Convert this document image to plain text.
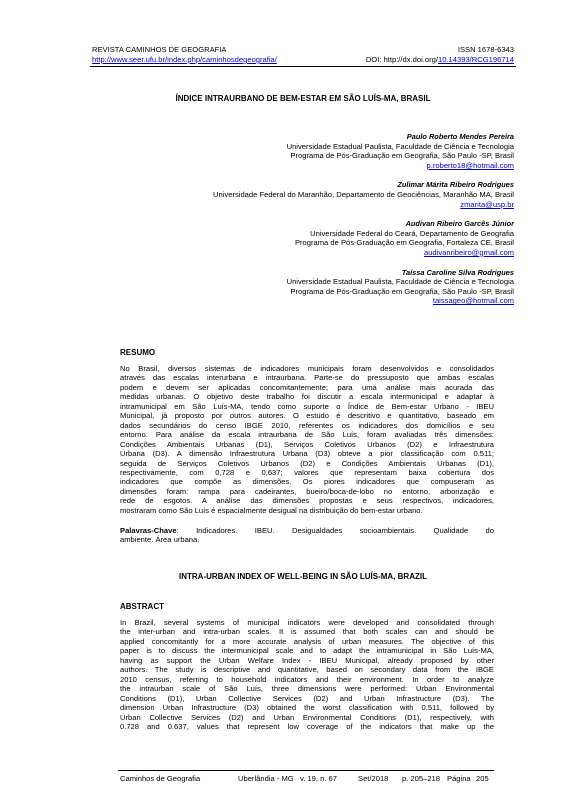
REVISTA CAMINHOS DE GEOGRAFIA	ISSN 1678-6343
http://www.seer.ufu.br/index.php/caminhosdegeografia/	DOI: http://dx.doi.org/10.14393/RCG196714
ÍNDICE INTRAURBANO DE BEM-ESTAR EM SÃO LUÍS-MA, BRASIL
Paulo Roberto Mendes Pereira
Universidade Estadual Paulista, Faculdade de Ciência e Tecnologia
Programa de Pós-Graduação em Geografia, São Paulo -SP, Brasil
p.roberto18@hotmail.com
Zulimar Márita Ribeiro Rodrigues
Universidade Federal do Maranhão, Departamento de Geociências, Maranhão MA, Brasil
zmarita@usp.br
Audivan Ribeiro Garcês Júnior
Universidade Federal do Ceará, Departamento de Geografia
Programa de Pós-Graduação em Geografia, Fortaleza CE, Brasil
audivanribeiro@gmail.com
Taíssa Caroline Silva Rodrigues
Universidade Estadual Paulista, Faculdade de Ciência e Tecnologia
Programa de Pós-Graduação em Geografia, São Paulo -SP, Brasil
taissageo@hotmail.com
RESUMO
No Brasil, diversos sistemas de indicadores municipais foram desenvolvidos e consolidados
através das escalas interurbana e intraurbana. Parte-se do pressuposto que ambas escalas
podem e devem ser aplicadas concomitantemente; para uma análise mais acurada das
medidas urbanas. O objetivo deste trabalho foi discutir a escala intermunicipal e adaptar à
intramunicipal em São Luís-MA, tendo como suporte o Índice de Bem-estar Urbano - IBEU
Municipal, já proposto por outros autores. O estudo é descritivo e quantitativo, baseado em
dados secundários do censo IBGE 2010, referentes os indicadores dos domicílios e seu
entorno. Para análise da escala intraurbana de São Luís, foram avaliadas três dimensões:
Condições Ambientais Urbanas (D1), Serviços Coletivos Urbanos (D2) e Infraestrutura
Urbana (D3). A dimensão Infraestrutura Urbana (D3) obteve a pior classificação com 0.511;
seguida de Serviços Coletivos Urbanos (D2) e Condições Ambientais Urbanas (D1),
respectivamente, com 0,728 e 0,637; valores que representam baixa cobertura dos
indicadores que compõe as dimensões. Os piores indicadores que compuseram as
dimensões foram: rampa para cadeirantes, bueiro/boca-de-lobo no entorno, arborização e
rede de esgotos. A análise das dimensões propostas e seus respectivos, indicadores,
mostraram como São Luís é espacialmente desigual na distribuição do bem-estar urbano.
Palavras-Chave: Indicadores. IBEU. Desigualdades socioambientais. Qualidade do
ambiente. Área urbana.
INTRA-URBAN INDEX OF WELL-BEING IN SÃO LUÍS-MA, BRAZIL
ABSTRACT
In Brazil, several systems of municipal indicators were developed and consolidated through
the inter-urban and intra-urban scales. It is assumed that both scales can and should be
applied concomitantly for a more accurate analysis of urban measures. The objective of this
paper is to discuss the intermunicipal scale and to adapt the intramunicipal in São Luís-MA,
having as support the Urban Welfare Index - IBEU Municipal, already proposed by other
authors. The study is descriptive and quantitative, based on secondary data from the IBGE
2010 census, referring to household indicators and their environment. In order to analyze
the intraurban scale of São Luís, three dimensions were performed: Urban Environmental
Conditions (D1), Urban Collective Services (D2) and Urban Infrastructure (D3). The
dimension Urban Infrastructure (D3) obtained the worst classification with 0.511, followed by
Urban Collective Services (D2) and Urban Environmental Conditions (D1), respectively, with
0.728 and 0.637, values that represent low coverage of the indicators that make up the
Caminhos de Geografia	Uberlândia - MG v. 19, n. 67	Set/2018 p. 205–218 Página 205
